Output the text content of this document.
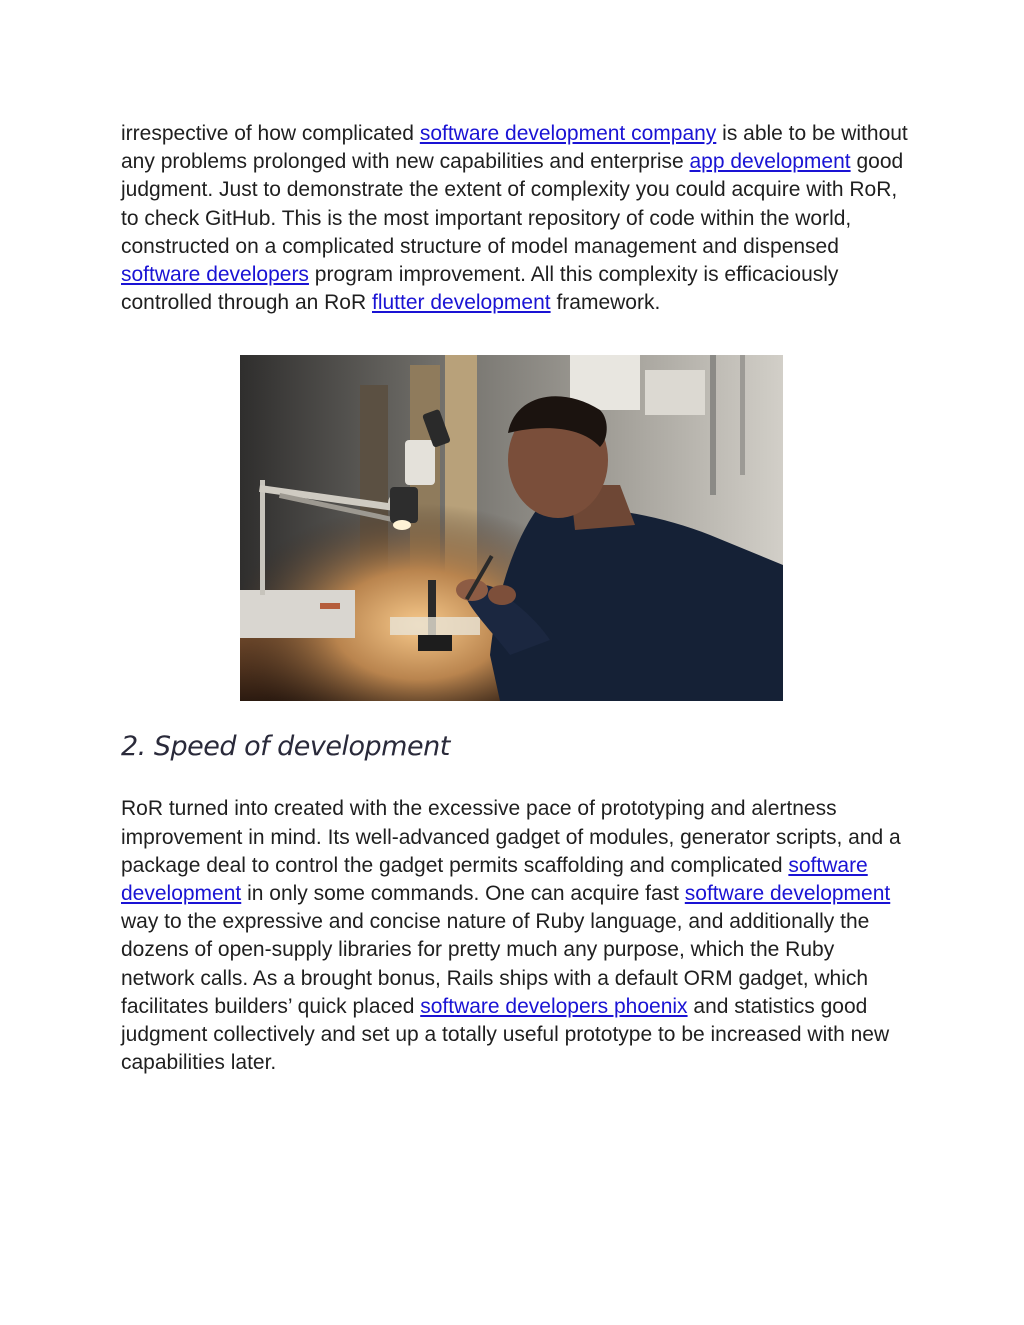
irrespective of how complicated software development company is able to be without any problems prolonged with new capabilities and enterprise app development good judgment. Just to demonstrate the extent of complexity you could acquire with RoR, to check GitHub. This is the most important repository of code within the world, constructed on a complicated structure of model management and dispensed software developers program improvement. All this complexity is efficaciously controlled through an RoR flutter development framework.

2. Speed of development

RoR turned into created with the excessive pace of prototyping and alertness improvement in mind. Its well-advanced gadget of modules, generator scripts, and a package deal to control the gadget permits scaffolding and complicated software development in only some commands. One can acquire fast software development way to the expressive and concise nature of Ruby language, and additionally the dozens of open-supply libraries for pretty much any purpose, which the Ruby network calls. As a brought bonus, Rails ships with a default ORM gadget, which facilitates builders’ quick placed software developers phoenix and statistics good judgment collectively and set up a totally useful prototype to be increased with new capabilities later.
